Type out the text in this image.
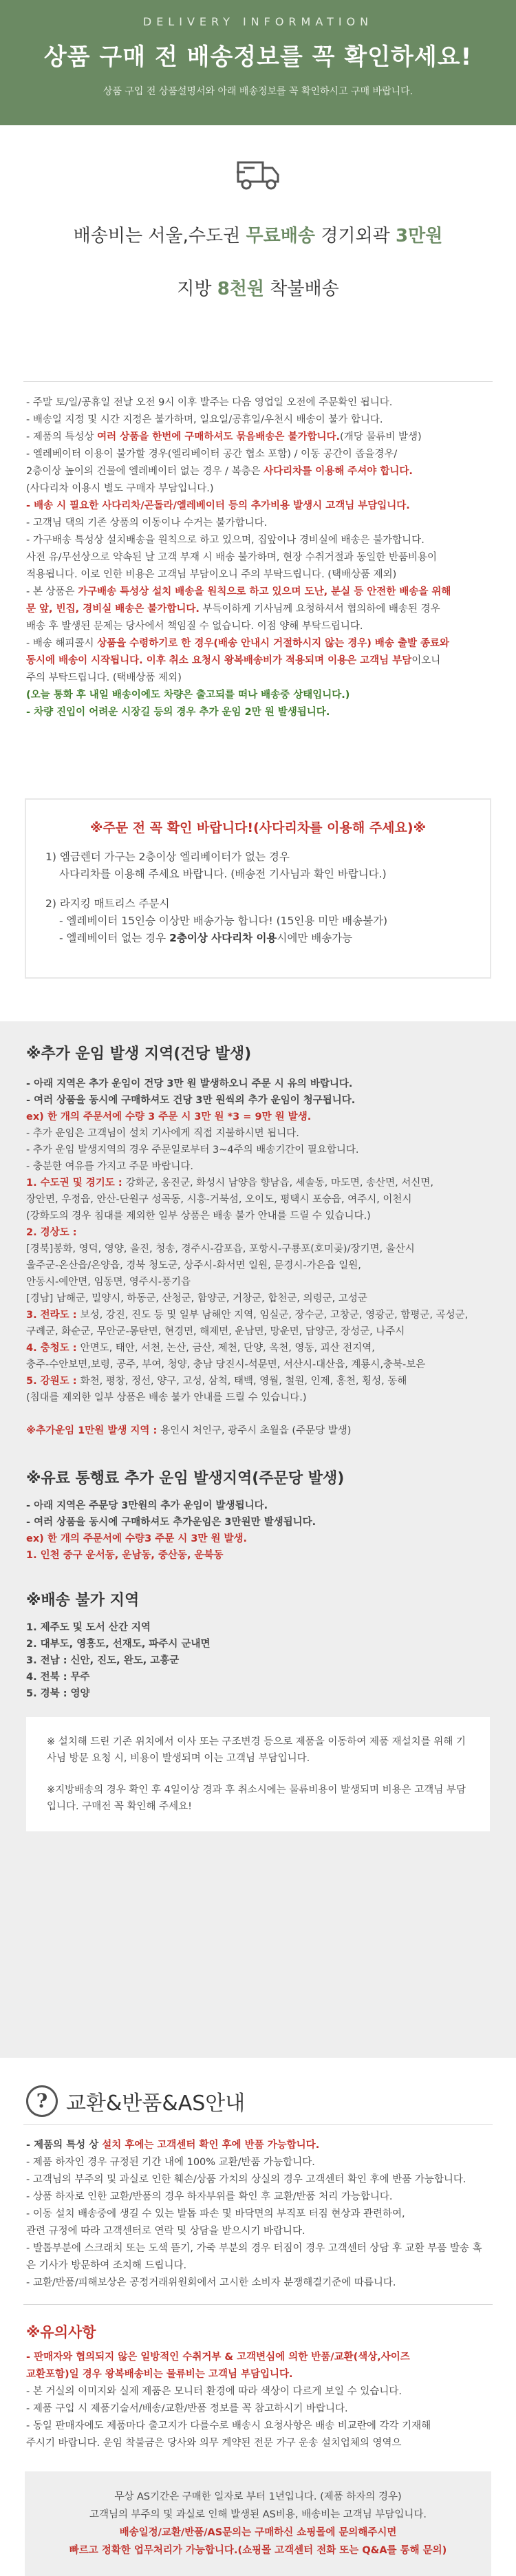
DELIVERY INFORMATION
상품 구매 전 배송정보를 꼭 확인하세요!
상품 구입 전 상품설명서와 아래 배송정보를 꼭 확인하시고 구매 바랍니다.
배송비는 서울,수도권 무료배송 경기외곽 3만원
지방 8천원 착불배송
- 주말 토/일/공휴일 전날 오전 9시 이후 발주는 다음 영업일 오전에 주문확인 됩니다.
- 배송일 지정 및 시간 지정은 불가하며, 일요일/공휴일/우천시 배송이 불가 합니다.
- 제품의 특성상 여러 상품을 한번에 구매하셔도 묶음배송은 불가합니다.(개당 물류비 발생)
- 엘레베이터 이용이 불가할 경우(엘리베이터 공간 협소 포함) / 이동 공간이 좁을경우/
2층이상 높이의 건물에 엘레베이터 없는 경우 / 복층은 사다리차를 이용해 주셔야 합니다.
(사다리차 이용시 별도 구매자 부담입니다.)
- 배송 시 필요한 사다리차/곤돌라/엘레베이터 등의 추가비용 발생시 고객님 부담입니다.
- 고객님 댁의 기존 상품의 이동이나 수거는 불가합니다.
- 가구배송 특성상 설치배송을 원칙으로 하고 있으며, 집앞이나 경비실에 배송은 불가합니다.
사전 유/무선상으로 약속된 날 고객 부재 시 배송 불가하며, 현장 수취거절과 동일한 반품비용이
적용됩니다. 이로 인한 비용은 고객님 부담이오니 주의 부탁드립니다. (택배상품 제외)
- 본 상품은 가구배송 특성상 설치 배송을 원칙으로 하고 있으며 도난, 분실 등 안전한 배송을 위해
문 앞, 빈집, 경비실 배송은 불가합니다. 부득이하게 기사님께 요청하셔서 협의하에 배송된 경우
배송 후 발생된 문제는 당사에서 책임질 수 없습니다. 이점 양해 부탁드립니다.
- 배송 해피콜시 상품을 수령하기로 한 경우(배송 안내시 거절하시지 않는 경우) 배송 출발 종료와
동시에 배송이 시작됩니다. 이후 취소 요청시 왕복배송비가 적용되며 이용은 고객님 부담이오니
주의 부탁드립니다. (택배상품 제외)
(오늘 통화 후 내일 배송이에도 차량은 출고되를 떠나 배송중 상태입니다.)
- 차량 진입이 어려운 시장길 등의 경우 추가 운임 2만 원 발생됩니다.
※주문 전 꼭 확인 바랍니다!(사다리차를 이용해 주세요)※
1) 엠금렌더 가구는 2층이상 엘리베이터가 없는 경우
사다리차를 이용해 주세요 바랍니다. (배송전 기사님과 확인 바랍니다.)
2) 라지킹 매트리스 주문시
- 엘레베이터 15인승 이상만 배송가능 합니다! (15인용 미만 배송불가)
- 엘레베이터 없는 경우 2층이상 사다리차 이용시에만 배송가능
※추가 운임 발생 지역(건당 발생)
- 아래 지역은 추가 운임이 건당 3만 원 발생하오니 주문 시 유의 바랍니다.
- 여러 상품을 동시에 구매하셔도 건당 3만 원씩의 추가 운임이 청구됩니다.
ex) 한 개의 주문서에 수량 3 주문 시 3만 원 *3 = 9만 원 발생.
- 추가 운임은 고객님이 설치 기사에게 직접 지불하시면 됩니다.
- 추가 운임 발생지역의 경우 주문일로부터 3~4주의 배송기간이 필요합니다.
- 충분한 여유를 가지고 주문 바랍니다.
1. 수도권 및 경기도 : 강화군, 옹진군, 화성시 남양읍 향남읍, 세솔동, 마도면, 송산면, 서신면,
장안면, 우정읍, 안산-단원구 성곡동, 시흥-거북섬, 오이도, 평택시 포승읍, 여주시, 이천시
(강화도의 경우 침대를 제외한 일부 상품은 배송 불가 안내를 드릴 수 있습니다.)
2. 경상도 :
[경북]봉화, 영덕, 영양, 울진, 청송, 경주시-감포읍, 포항시-구룡포(호미곶)/장기면, 울산시
울주군-온산읍/온양읍, 경북 청도군, 상주시-화서면 일원, 문경시-가은읍 일원,
안동시-예안면, 임동면, 영주시-풍기읍
[경남] 남해군, 밀양시, 하동군, 산청군, 함양군, 거창군, 합천군, 의령군, 고성군
3. 전라도 : 보성, 강진, 진도 등 및 일부 남해안 지역, 임실군, 장수군, 고창군, 영광군, 함평군, 곡성군,
구례군, 화순군, 무안군-몽탄면, 현경면, 해제면, 운남면, 망운면, 담양군, 장성군, 나주시
4. 충청도 : 안면도, 태안, 서천, 논산, 금산, 제천, 단양, 옥천, 영동, 괴산 전지역,
충주-수안보면,보령, 공주, 부여, 청양, 충남 당진시-석문면, 서산시-대산읍, 계룡시,충북-보은
5. 강원도 : 화천, 평창, 정선, 양구, 고성, 삼척, 태백, 영월, 철원, 인제, 홍천, 횡성, 동해
(침대를 제외한 일부 상품은 배송 불가 안내를 드릴 수 있습니다.)
※추가운임 1만원 발생 지역 : 용인시 처인구, 광주시 초월읍 (주문당 발생)
※유료 통행료 추가 운임 발생지역(주문당 발생)
- 아래 지역은 주문당 3만원의 추가 운임이 발생됩니다.
- 여러 상품을 동시에 구매하셔도 추가운임은 3만원만 발생됩니다.
ex) 한 개의 주문서에 수량3 주문 시 3만 원 발생.
1. 인천 중구 운서동, 운남동, 중산동, 운북동
※배송 불가 지역
1. 제주도 및 도서 산간 지역
2. 대부도, 영흥도, 선재도, 파주시 군내면
3. 전남 : 신안, 진도, 완도, 고흥군
4. 전북 : 무주
5. 경북 : 영양

※ 설치해 드린 기존 위치에서 이사 또는 구조변경 등으로 제품을 이동하여 제품 재설치를 위해 기사님 방문 요청 시, 비용이 발생되며 이는 고객님 부담입니다.

※지방배송의 경우 확인 후 4일이상 경과 후 취소시에는 물류비용이 발생되며 비용은 고객님 부담입니다. 구매전 꼭 확인해 주세요!

? 교환&반품&AS안내
- 제품의 특성 상 설치 후에는 고객센터 확인 후에 반품 가능합니다.
- 제품 하자인 경우 규정된 기간 내에 100% 교환/반품 가능합니다.
- 고객님의 부주의 및 과실로 인한 훼손/상품 가치의 상실의 경우 고객센터 확인 후에 반품 가능합니다.
- 상품 하자로 인한 교환/반품의 경우 하자부위를 확인 후 교환/반품 처리 가능합니다.
- 이동 설치 배송중에 생길 수 있는 발톱 파손 및 바닥면의 부직포 터짐 현상과 관련하여,
관련 규정에 따라 고객센터로 연락 및 상담을 받으시기 바랍니다.
- 발톱부분에 스크래치 또는 도색 뜯기, 가죽 부분의 경우 터짐이 경우 고객센터 상담 후 교환 부품 발송 혹은 기사가 방문하여 조치해 드립니다.
- 교환/반품/피해보상은 공정거래위원회에서 고시한 소비자 분쟁해결기준에 따릅니다.
※유의사항
- 판매자와 협의되지 않은 일방적인 수취거부 & 고객변심에 의한 반품/교환(색상,사이즈
교환포함)일 경우 왕복배송비는 물류비는 고객님 부담입니다.
- 본 거실의 이미지와 실제 제품은 모니터 환경에 따라 색상이 다르게 보일 수 있습니다.
- 제품 구입 시 제품기술서/배송/교환/반품 정보를 꼭 참고하시기 바랍니다.
- 동일 판매자에도 제품마다 출고지가 다를수로 배송시 요청사항은 배송 비교란에 각각 기재해
주시기 바랍니다. 운임 착불금은 당사와 의무 계약된 전문 가구 운송 설치업체의 영역으
무상 AS기간은 구매한 일자로 부터 1년입니다. (제품 하자의 경우)
고객님의 부주의 및 과실로 인해 발생된 AS비용, 배송비는 고객님 부담입니다.
배송일정/교환/반품/AS문의는 구매하신 쇼핑몰에 문의해주시면
빠르고 정확한 업무처리가 가능합니다.(쇼핑몰 고객센터 전화 또는 Q&A를 통해 문의)
